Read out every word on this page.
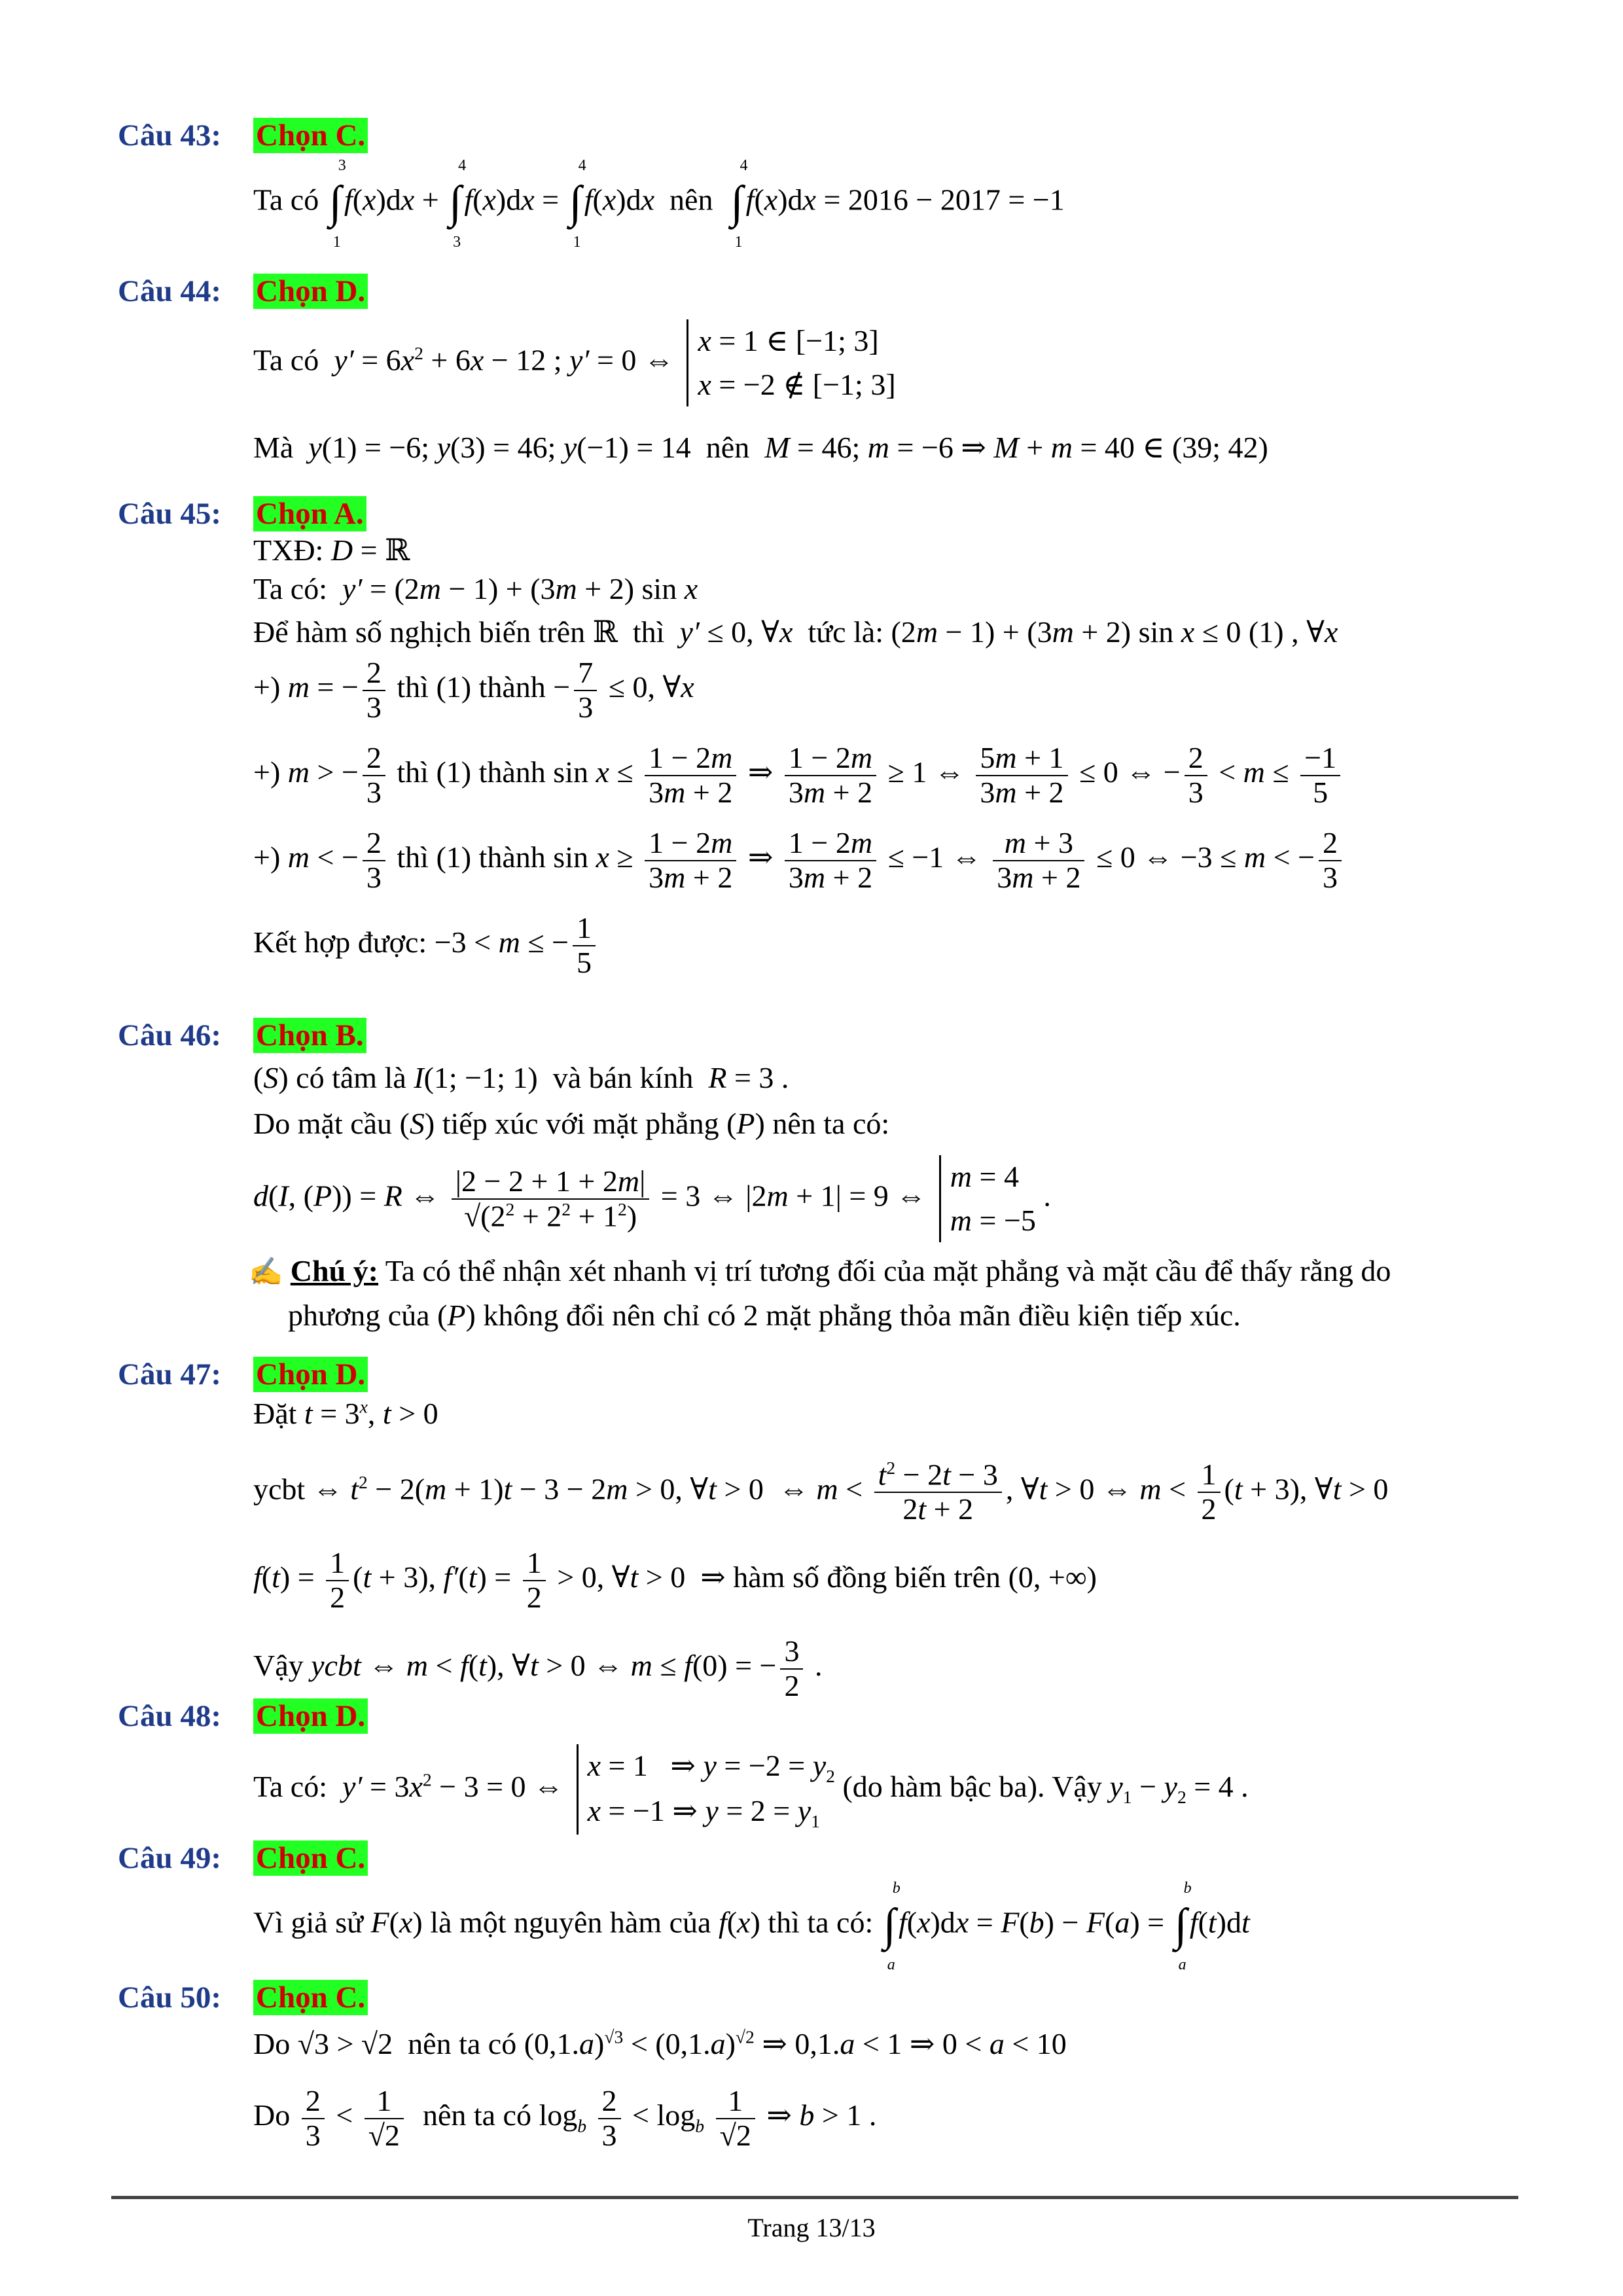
Câu 43: Chọn C.
Ta có ∫
3
1
f(x)dx + ∫
4
3
f(x)dx = ∫
4
1
f(x)dx nên ∫
4
1
f(x)dx = 2016 − 2017 = −1
Câu 44: Chọn D.
Ta có $y' = 6x^2 + 6x - 12$ ; y′ = 0 ⇔
x = 1 ∈ [−1; 3]
x = −2 ∉ [−1; 3]
Mà y(1) = −6; y(3) = 46; y(−1) = 14  nên M = 46; m = −6 ⇒ M + m = 40 ∈ (39; 42)
Câu 45: Chọn A.
TXĐ: D = ℝ
Ta có: y′ = (2m − 1) + (3m + 2) sin x
Để hàm số nghịch biến trên ℝ  thì y′ ≤ 0, ∀x tức là: (2m − 1) + (3m + 2) sin x ≤ 0 (1) , ∀x
+) m = − $\frac{2}{3}$ thì (1) thành − $\frac{7}{3} \le 0$, ∀x
+) m > − $\frac{2}{3}$ thì (1) thành $\sin x \le \frac{1 - 2m}{3m + 2}$ ⇒ $\frac{1 - 2m}{3m + 2} \ge 1$ ⇔ $\frac{5m + 1}{3m + 2} \le 0$ ⇔ − $\frac{2}{3} < m \le \frac{-1}{5}$
+) m < − $\frac{2}{3}$ thì (1) thành $\sin x \ge \frac{1 - 2m}{3m + 2}$ ⇒ $\frac{1 - 2m}{3m + 2} \le -1$ ⇔ $\frac{m + 3}{3m + 2} \le 0$ ⇔ −3 ≤ m < − $\frac{2}{3}$
Kết hợp được: −3 < m ≤ − $\frac{1}{5}$
Câu 46: Chọn B.
(S) có tâm là I(1; −1; 1)  và bán kính R = 3 .
Do mặt cầu (S) tiếp xúc với mặt phẳng (P) nên ta có:
d(I, (P)) = R ⇔ $\frac{|2 - 2 + 1 + 2m|}{√(2^2 + 2^2 + 1^2)} = 3$ ⇔ |2m + 1| = 9 ⇔
m = 4
m = −5
.
✍ Chú ý: Ta có thể nhận xét nhanh vị trí tương đối của mặt phẳng và mặt cầu để thấy rằng do
phương của (P) không đổi nên chỉ có 2 mặt phẳng thỏa mãn điều kiện tiếp xúc.
Câu 47: Chọn D.
Đặt $t = 3^x$, t > 0
ycbt ⇔ $t^2 - 2(m + 1)t - 3 - 2m > 0$, ∀t > 0  ⇔ $m < \frac{t^2 - 2t - 3}{2t + 2}$ , ∀t > 0 ⇔ $m < \frac{1}{2} (t + 3)$, ∀t > 0
$f(t) = \frac{1}{2} (t + 3)$, $f'(t) = \frac{1}{2} > 0$, ∀t > 0  ⇒ hàm số đồng biến trên (0, +∞)
Vậy ycbt ⇔ m < f(t), ∀t > 0 ⇔ m ≤ f(0) = − $\frac{3}{2}$ .
Câu 48: Chọn D.
Ta có: $y' = 3x^2 - 3 = 0$ ⇔
x = 1   ⇒ $y = -2 = y_2$
x = −1 ⇒ $y = 2 = y_1$
(do hàm bậc ba). Vậy $y_1 - y_2 = 4$ .
Câu 49: Chọn C.
Vì giả sử F(x) là một nguyên hàm của f(x) thì ta có: ∫
b
a
f(x)dx = F(b) − F(a) = ∫
b
a
f(t)dt
Câu 50: Chọn C.
Do √3 > √2  nên ta có $(0,1.a)^{√3} < (0,1.a)^{√2}$ ⇒ 0,1.a < 1 ⇒ 0 < a < 10
Do $\frac{2}{3} < \frac{1}{√2}$ nên ta có $\log_b \frac{2}{3} < \log_b \frac{1}{√2}$ ⇒ b > 1 .
Trang 13/13
